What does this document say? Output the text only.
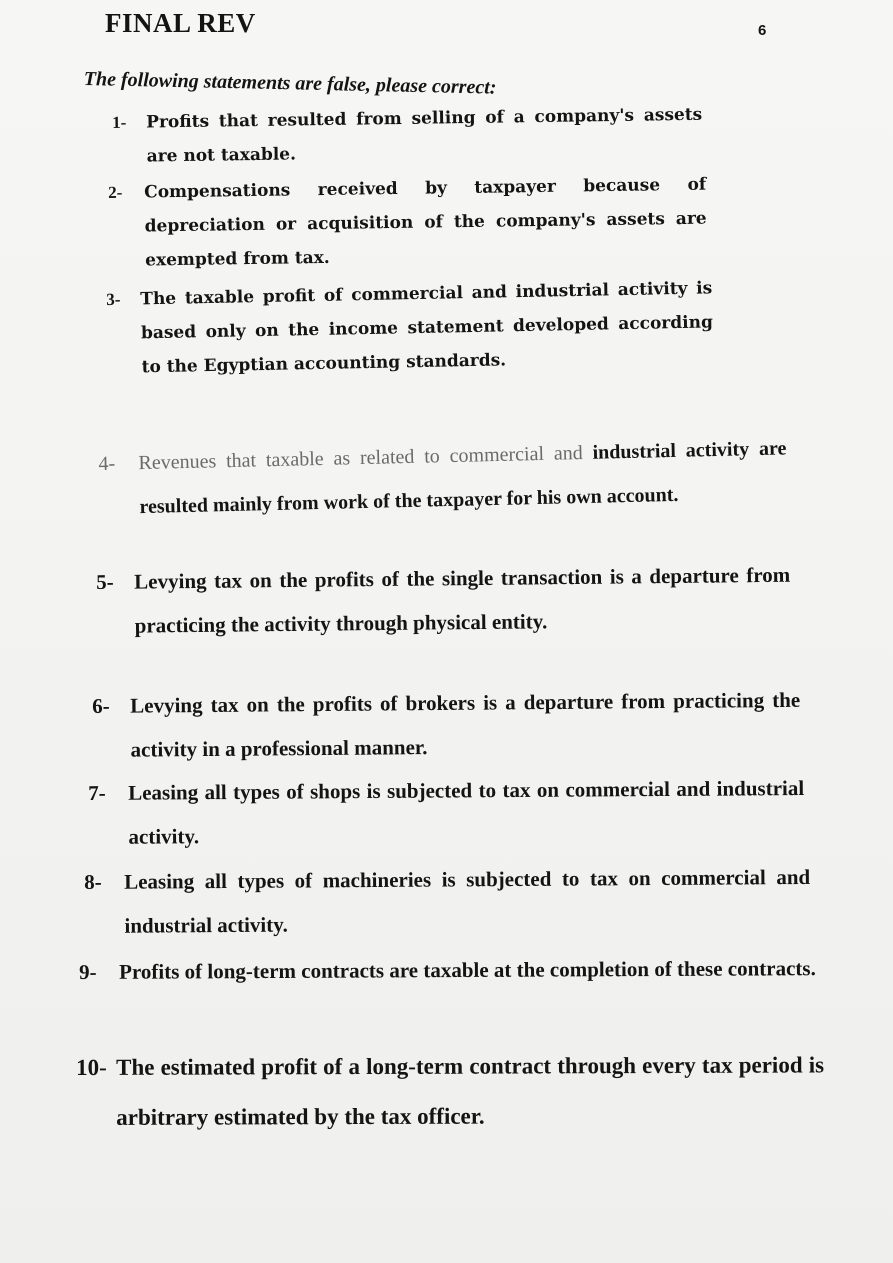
FINAL REV	6
The following statements are false, please correct:
1- Profits that resulted from selling of a company's assets are not taxable.
2- Compensations received by taxpayer because of depreciation or acquisition of the company's assets are exempted from tax.
3- The taxable profit of commercial and industrial activity is based only on the income statement developed according to the Egyptian accounting standards.
4- Revenues that taxable as related to commercial and industrial activity are resulted mainly from work of the taxpayer for his own account.
5- Levying tax on the profits of the single transaction is a departure from practicing the activity through physical entity.
6- Levying tax on the profits of brokers is a departure from practicing the activity in a professional manner.
7- Leasing all types of shops is subjected to tax on commercial and industrial activity.
8- Leasing all types of machineries is subjected to tax on commercial and industrial activity.
9- Profits of long-term contracts are taxable at the completion of these contracts.
10- The estimated profit of a long-term contract through every tax period is arbitrary estimated by the tax officer.
